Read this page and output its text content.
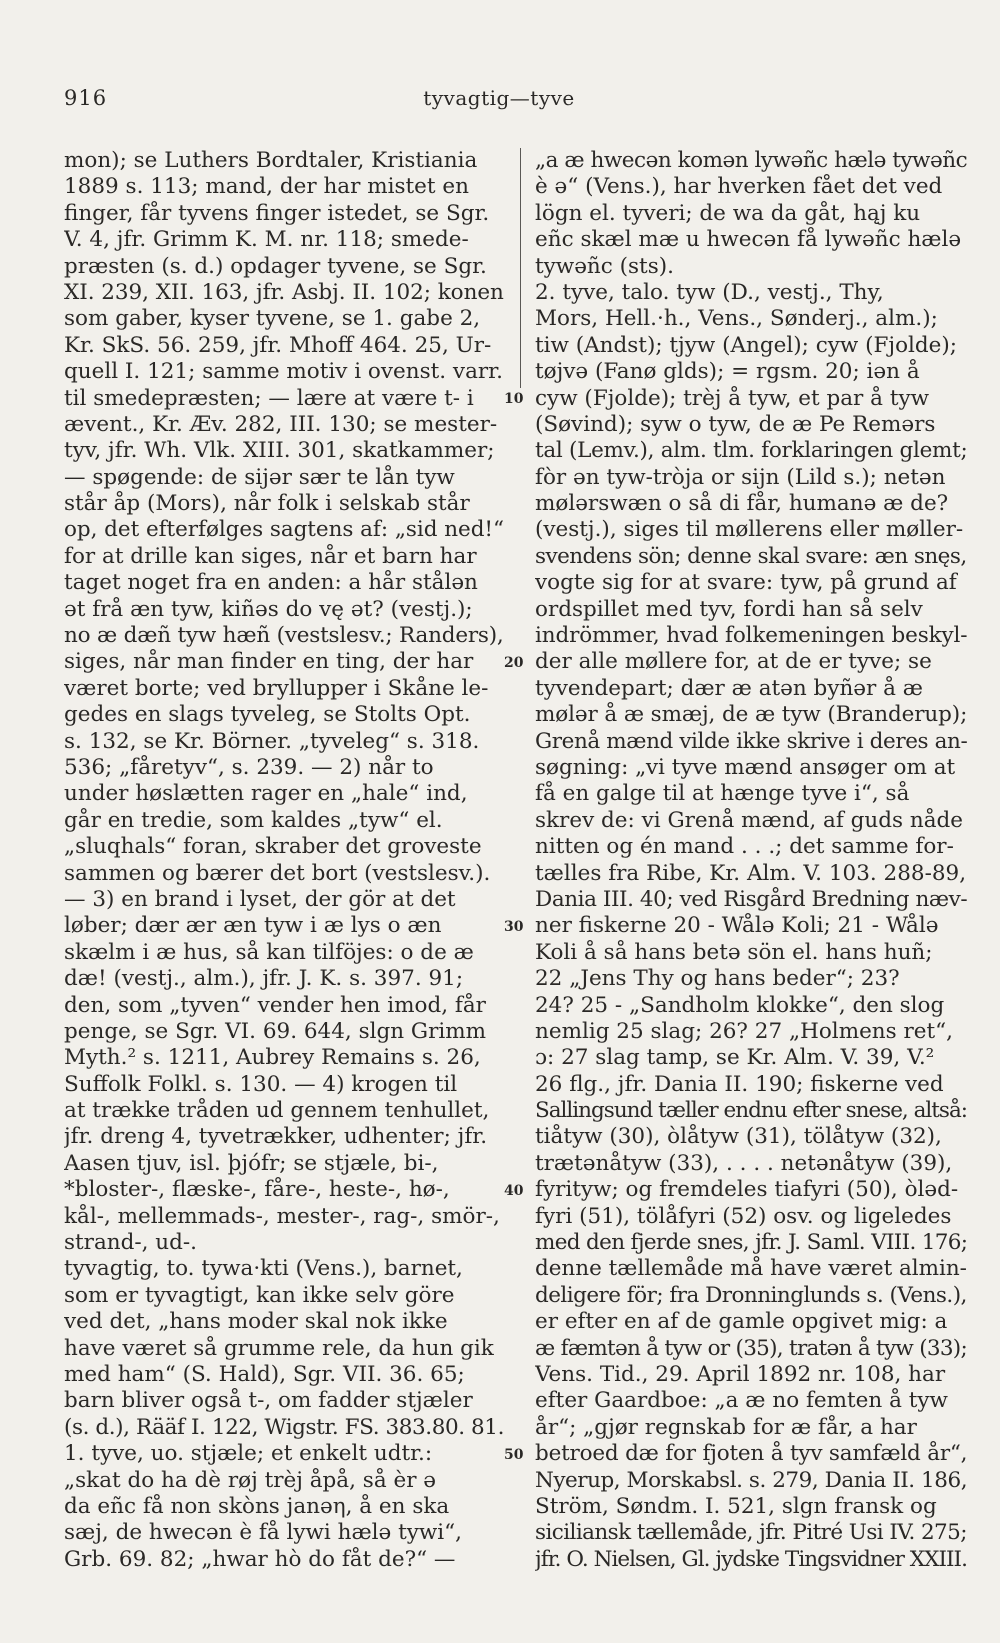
916	tyvagtig—tyve
mon); se Luthers Bordtaler, Kristiania
1889 s. 113; mand, der har mistet en
finger, får tyvens finger istedet, se Sgr.
V. 4, jfr. Grimm K. M. nr. 118; smede-
præsten (s. d.) opdager tyvene, se Sgr.
XI. 239, XII. 163, jfr. Asbj. II. 102; konen
som gaber, kyser tyvene, se 1. gabe 2,
Kr. SkS. 56. 259, jfr. Mhoff 464. 25, Ur-
quell I. 121; samme motiv i ovenst. varr.
til smedepræsten; — lære at være t- i
ævent., Kr. Æv. 282, III. 130; se mester-
tyv, jfr. Wh. Vlk. XIII. 301, skatkammer;
— spøgende: de sijər sær te lån tyw
står åp (Mors), når folk i selskab står
op, det efterfølges sagtens af: „sid ned!“
for at drille kan siges, når et barn har
taget noget fra en anden: a hår stålən
ət frå æn tyw, kiñəs do vę ət? (vestj.);
no æ dæñ tyw hæñ (vestslesv.; Randers),
siges, når man finder en ting, der har
været borte; ved bryllupper i Skåne le-
gedes en slags tyveleg, se Stolts Opt.
s. 132, se Kr. Börner. „tyveleg“ s. 318.
536; „fåretyv“, s. 239. — 2) når to
under høslætten rager en „hale“ ind,
går en tredie, som kaldes „tyw“ el.
„sluqhals“ foran, skraber det groveste
sammen og bærer det bort (vestslesv.).
— 3) en brand i lyset, der gör at det
løber; dær ær æn tyw i æ lys o æn
skælm i æ hus, så kan tilföjes: o de æ
dæ! (vestj., alm.), jfr. J. K. s. 397. 91;
den, som „tyven“ vender hen imod, får
penge, se Sgr. VI. 69. 644, slgn Grimm
Myth.² s. 1211, Aubrey Remains s. 26,
Suffolk Folkl. s. 130. — 4) krogen til
at trække tråden ud gennem tenhullet,
jfr. dreng 4, tyvetrækker, udhenter; jfr.
Aasen tjuv, isl. þjófr; se stjæle, bi-,
*bloster-, flæske-, fåre-, heste-, hø-,
kål-, mellemmads-, mester-, rag-, smör-,
strand-, ud-.
tyvagtig, to. tywa·kti (Vens.), barnet,
som er tyvagtigt, kan ikke selv göre
ved det, „hans moder skal nok ikke
have været så grumme rele, da hun gik
med ham“ (S. Hald), Sgr. VII. 36. 65;
barn bliver også t-, om fadder stjæler
(s. d.), Rääf I. 122, Wigstr. FS. 383.80. 81.
1. tyve, uo. stjæle; et enkelt udtr.:
„skat do ha dè røj trèj åpå, så èr ə
da eñc få non skòns janəη, å en ska
sæj, de hwecən è få lywi hælə tywi“,
Grb. 69. 82; „hwar hò do fåt de?“ —
„a æ hwecən komən lywəñc hælə tywəñc
è ə“ (Vens.), har hverken fået det ved
lögn el. tyveri; de wa da gåt, hąj ku
eñc skæl mæ u hwecən få lywəñc hælə
tywəñc (sts).
2. tyve, talo. tyw (D., vestj., Thy,
Mors, Hell.·h., Vens., Sønderj., alm.);
tiw (Andst); tjyw (Angel); cyw (Fjolde);
tøjvə (Fanø glds); = rgsm. 20; iən å
cyw (Fjolde); trèj å tyw, et par å tyw
(Søvind); syw o tyw, de æ Pe Remərs
tal (Lemv.), alm. tlm. forklaringen glemt;
fòr ən tyw-tròja or sijn (Lild s.); netən
mølərswæn o så di får, humanə æ de?
(vestj.), siges til møllerens eller møller-
svendens sön; denne skal svare: æn snęs,
vogte sig for at svare: tyw, på grund af
ordspillet med tyv, fordi han så selv
indrömmer, hvad folkemeningen beskyl-
der alle møllere for, at de er tyve; se
tyvendepart; dær æ atən byñər å æ
mølər å æ smæj, de æ tyw (Branderup);
Grenå mænd vilde ikke skrive i deres an-
søgning: „vi tyve mænd ansøger om at
få en galge til at hænge tyve i“, så
skrev de: vi Grenå mænd, af guds nåde
nitten og én mand . . .; det samme for-
tælles fra Ribe, Kr. Alm. V. 103. 288-89,
Dania III. 40; ved Risgård Bredning næv-
ner fiskerne 20 - Wålə Koli; 21 - Wålə
Koli å så hans betə sön el. hans huñ;
22 „Jens Thy og hans beder“; 23?
24? 25 - „Sandholm klokke“, den slog
nemlig 25 slag; 26? 27 „Holmens ret“,
ɔ: 27 slag tamp, se Kr. Alm. V. 39, V.²
26 flg., jfr. Dania II. 190; fiskerne ved
Sallingsund tæller endnu efter snese, altså:
tiåtyw (30), òlåtyw (31), tölåtyw (32),
trætənåtyw (33), . . . . netənåtyw (39),
fyrityw; og fremdeles tiafyri (50), òləd-
fyri (51), tölåfyri (52) osv. og ligeledes
med den fjerde snes, jfr. J. Saml. VIII. 176;
denne tællemåde må have været almin-
deligere för; fra Dronninglunds s. (Vens.),
er efter en af de gamle opgivet mig: a
æ fæmtən å tyw or (35), tratən å tyw (33);
Vens. Tid., 29. April 1892 nr. 108, har
efter Gaardboe: „a æ no femten å tyw
år“; „gjør regnskab for æ får, a har
betroed dæ for fjoten å tyv samfæld år“,
Nyerup, Morskabsl. s. 279, Dania II. 186,
Ström, Søndm. I. 521, slgn fransk og
siciliansk tællemåde, jfr. Pitré Usi IV. 275;
jfr. O. Nielsen, Gl. jydske Tingsvidner XXIII.
10
20
30
40
50
